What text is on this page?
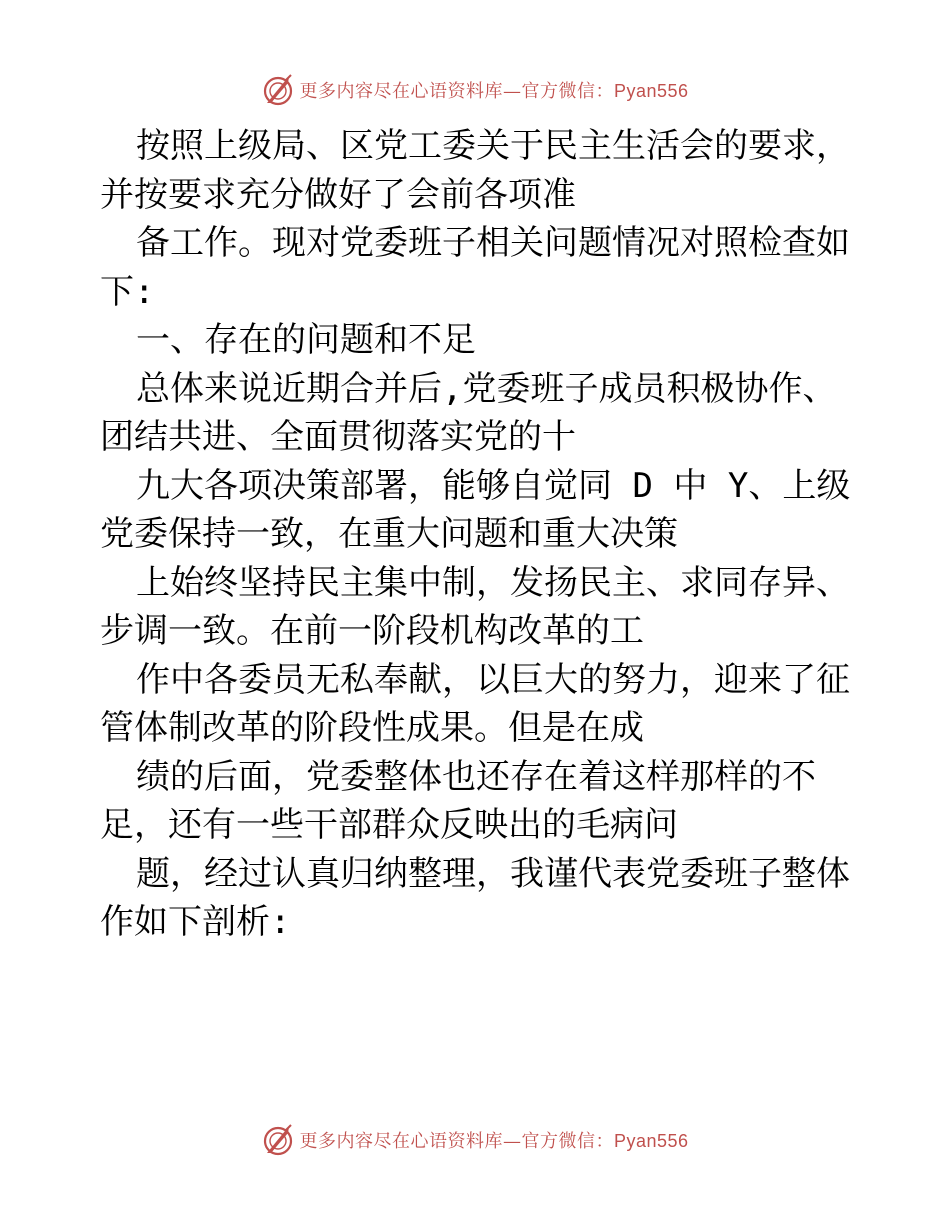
更多内容尽在心语资料库—官方微信：Pyan556
按照上级局、区党工委关于民主生活会的要求，
并按要求充分做好了会前各项准
备工作。现对党委班子相关问题情况对照检查如
下:
一、存在的问题和不足
总体来说近期合并后,党委班子成员积极协作、
团结共进、全面贯彻落实党的十
九大各项决策部署，能够自觉同 D 中 Y、上级
党委保持一致，在重大问题和重大决策
上始终坚持民主集中制，发扬民主、求同存异、
步调一致。在前一阶段机构改革的工
作中各委员无私奉献，以巨大的努力，迎来了征
管体制改革的阶段性成果。但是在成
绩的后面，党委整体也还存在着这样那样的不
足，还有一些干部群众反映出的毛病问
题，经过认真归纳整理，我谨代表党委班子整体
作如下剖析:
更多内容尽在心语资料库—官方微信：Pyan556
